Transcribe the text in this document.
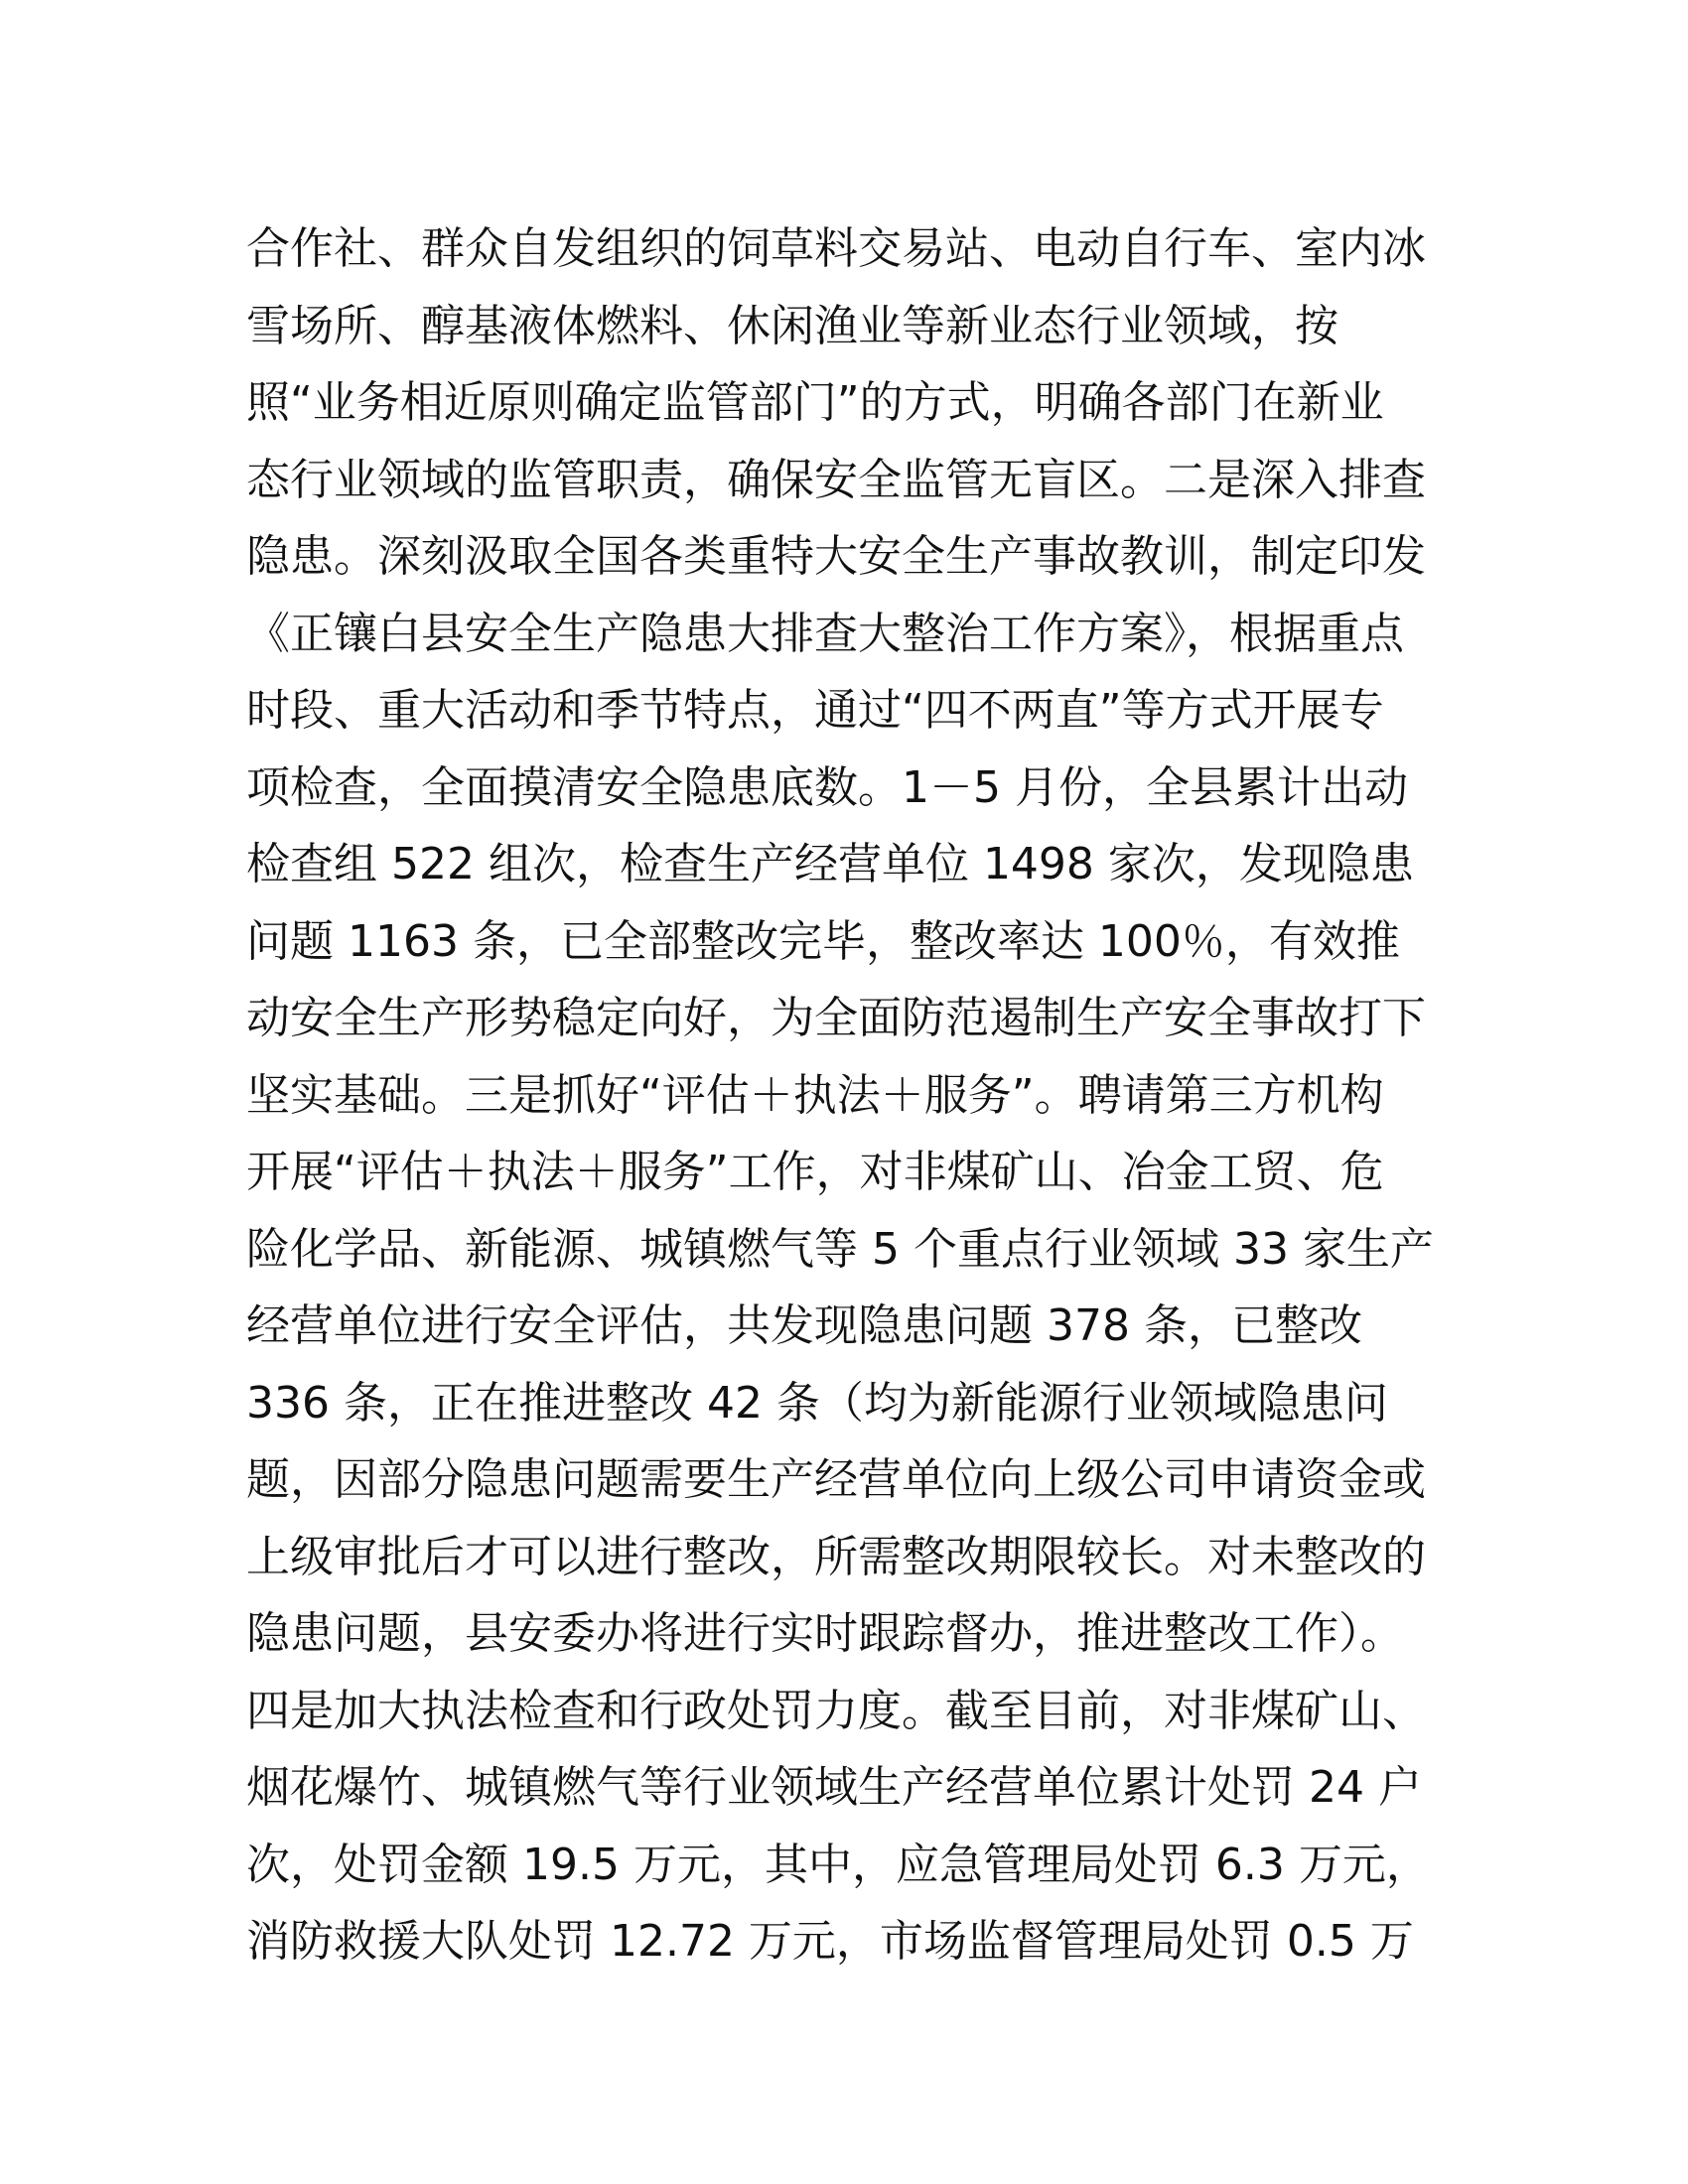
合作社、群众自发组织的饲草料交易站、电动自行车、室内冰
雪场所、醇基液体燃料、休闲渔业等新业态行业领域，按
照“业务相近原则确定监管部门”的方式，明确各部门在新业
态行业领域的监管职责，确保安全监管无盲区。二是深入排查
隐患。深刻汲取全国各类重特大安全生产事故教训，制定印发
《正镶白县安全生产隐患大排查大整治工作方案》，根据重点
时段、重大活动和季节特点，通过“四不两直”等方式开展专
项检查，全面摸清安全隐患底数。1－5 月份，全县累计出动
检查组 522 组次，检查生产经营单位 1498 家次，发现隐患
问题 1163 条，已全部整改完毕，整改率达 100％，有效推
动安全生产形势稳定向好，为全面防范遏制生产安全事故打下
坚实基础。三是抓好“评估＋执法＋服务”。聘请第三方机构
开展“评估＋执法＋服务”工作，对非煤矿山、冶金工贸、危
险化学品、新能源、城镇燃气等 5 个重点行业领域 33 家生产
经营单位进行安全评估，共发现隐患问题 378 条，已整改
336 条，正在推进整改 42 条（均为新能源行业领域隐患问
题，因部分隐患问题需要生产经营单位向上级公司申请资金或
上级审批后才可以进行整改，所需整改期限较长。对未整改的
隐患问题，县安委办将进行实时跟踪督办，推进整改工作）。
四是加大执法检查和行政处罚力度。截至目前，对非煤矿山、
烟花爆竹、城镇燃气等行业领域生产经营单位累计处罚 24 户
次，处罚金额 19.5 万元，其中，应急管理局处罚 6.3 万元，
消防救援大队处罚 12.72 万元，市场监督管理局处罚 0.5 万
